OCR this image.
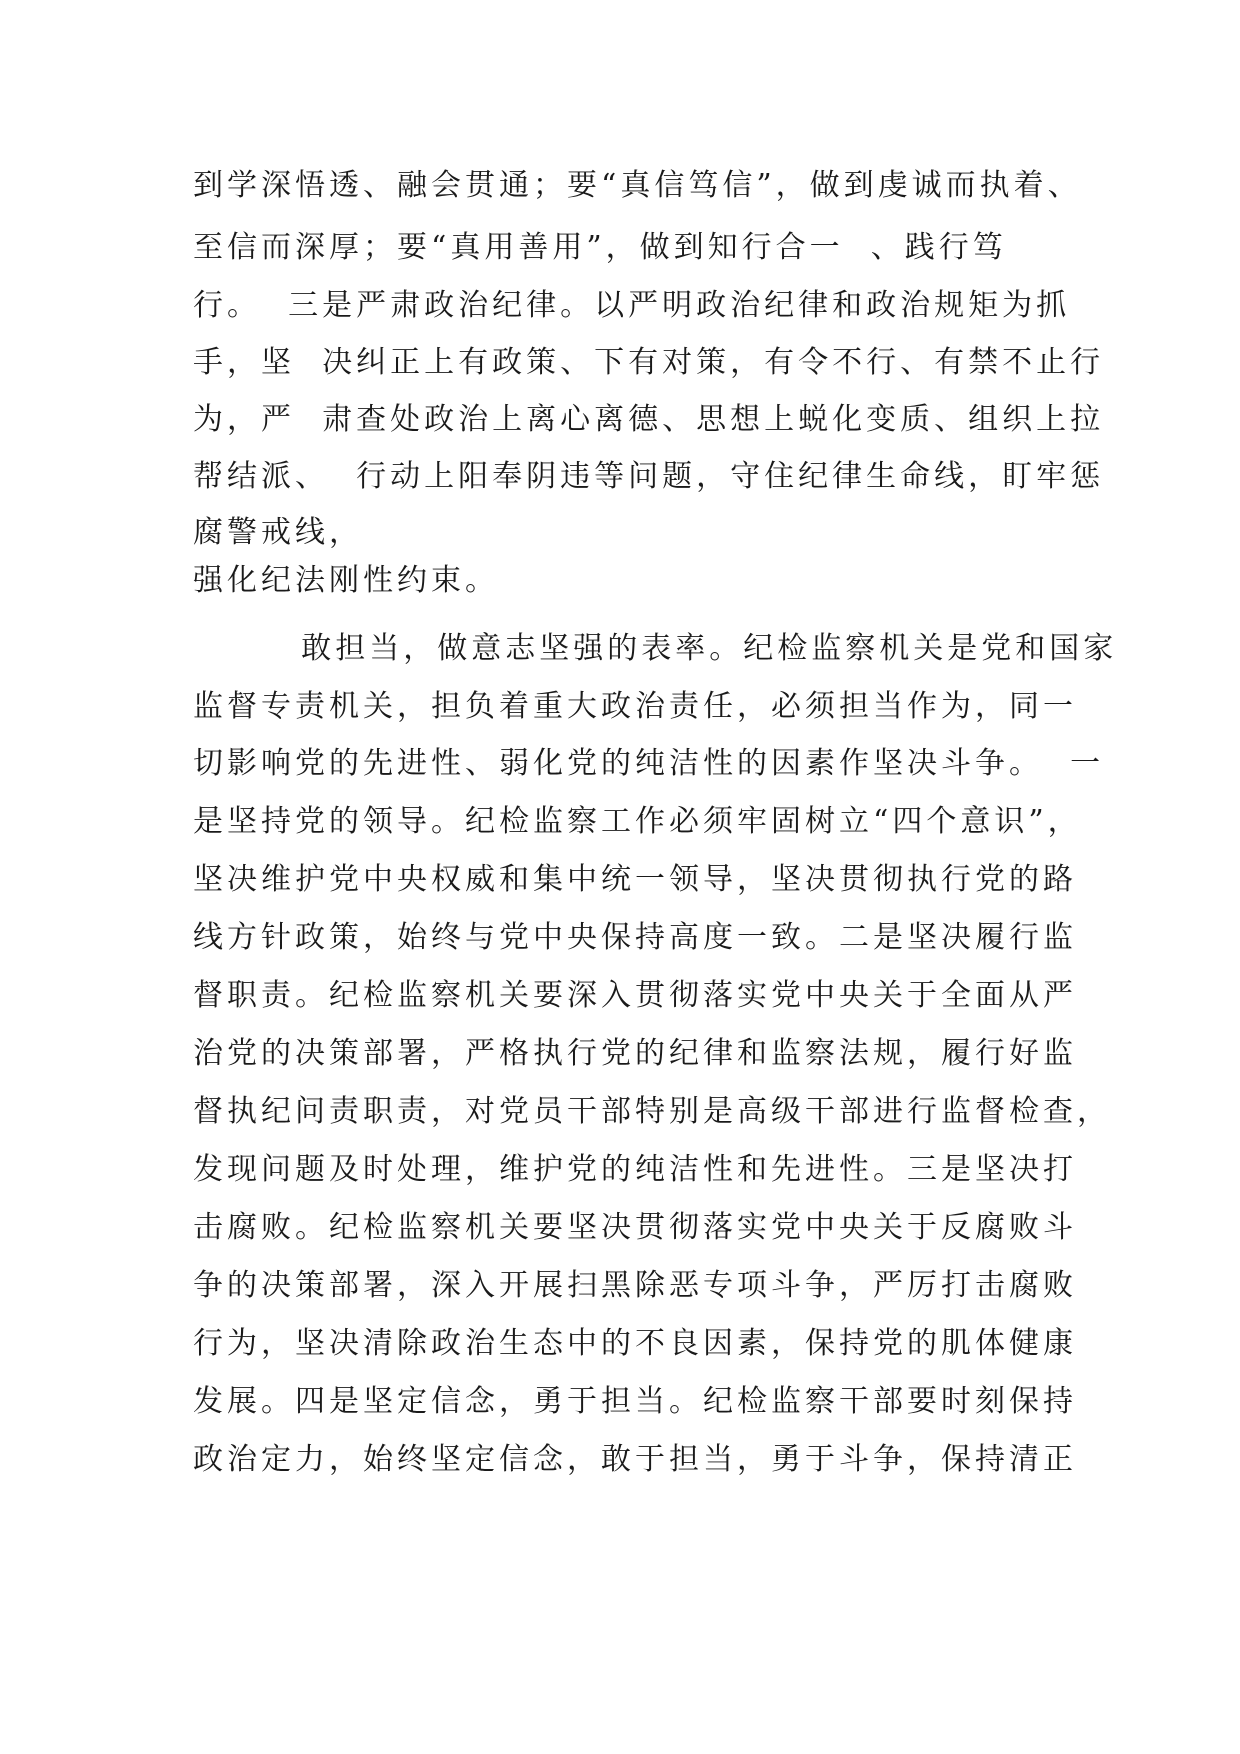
到学深悟透、融会贯通；要“真信笃信”，做到虔诚而执着、
至信而深厚；要“真用善用”，做到知行合一  、践行笃
行。  三是严肃政治纪律。以严明政治纪律和政治规矩为抓
手，坚  决纠正上有政策、下有对策，有令不行、有禁不止行
为，严  肃查处政治上离心离德、思想上蜕化变质、组织上拉
帮结派、  行动上阳奉阴违等问题，守住纪律生命线，盯牢惩
腐警戒线，
强化纪法刚性约束。
敢担当，做意志坚强的表率。纪检监察机关是党和国家
监督专责机关，担负着重大政治责任，必须担当作为，同一
切影响党的先进性、弱化党的纯洁性的因素作坚决斗争。  一
是坚持党的领导。纪检监察工作必须牢固树立“四个意识”，
坚决维护党中央权威和集中统一领导，坚决贯彻执行党的路
线方针政策，始终与党中央保持高度一致。二是坚决履行监
督职责。纪检监察机关要深入贯彻落实党中央关于全面从严
治党的决策部署，严格执行党的纪律和监察法规，履行好监
督执纪问责职责，对党员干部特别是高级干部进行监督检查，
发现问题及时处理，维护党的纯洁性和先进性。三是坚决打
击腐败。纪检监察机关要坚决贯彻落实党中央关于反腐败斗
争的决策部署，深入开展扫黑除恶专项斗争，严厉打击腐败
行为，坚决清除政治生态中的不良因素，保持党的肌体健康
发展。四是坚定信念，勇于担当。纪检监察干部要时刻保持
政治定力，始终坚定信念，敢于担当，勇于斗争，保持清正
